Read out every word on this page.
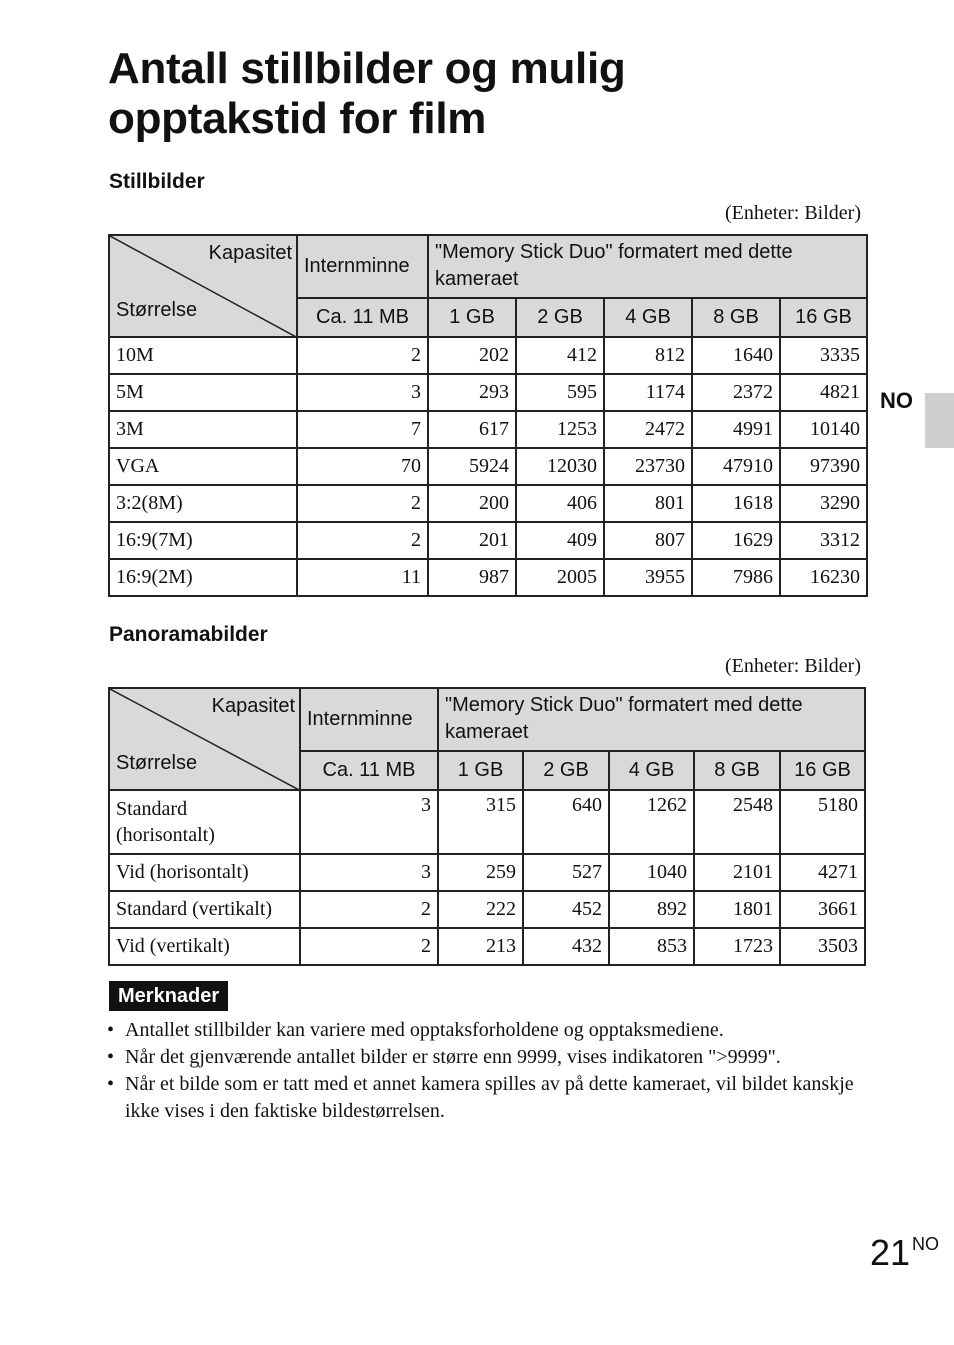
Antall stillbilder og mulig
opptakstid for film
NO
Stillbilder
(Enheter: Bilder)
Kapasitet
Størrelse	Internminne	"Memory Stick Duo" formatert med dette kameraet				
	Ca. 11 MB	1 GB	2 GB	4 GB	8 GB	16 GB
10M	2	202	412	812	1640	3335
5M	3	293	595	1174	2372	4821
3M	7	617	1253	2472	4991	10140
VGA	70	5924	12030	23730	47910	97390
3:2(8M)	2	200	406	801	1618	3290
16:9(7M)	2	201	409	807	1629	3312
16:9(2M)	11	987	2005	3955	7986	16230
Panoramabilder
(Enheter: Bilder)
Kapasitet
Størrelse	Internminne	"Memory Stick Duo" formatert med dette kameraet				
	Ca. 11 MB	1 GB	2 GB	4 GB	8 GB	16 GB
Standard
(horisontalt)	3	315	640	1262	2548	5180
Vid (horisontalt)	3	259	527	1040	2101	4271
Standard (vertikalt)	2	222	452	892	1801	3661
Vid (vertikalt)	2	213	432	853	1723	3503
Merknader
• Antallet stillbilder kan variere med opptaksforholdene og opptaksmediene.
• Når det gjenværende antallet bilder er større enn 9999, vises indikatoren ">9999".
• Når et bilde som er tatt med et annet kamera spilles av på dette kameraet, vil bildet kanskje ikke vises i den faktiske bildestørrelsen.
21 $^{NO}$
